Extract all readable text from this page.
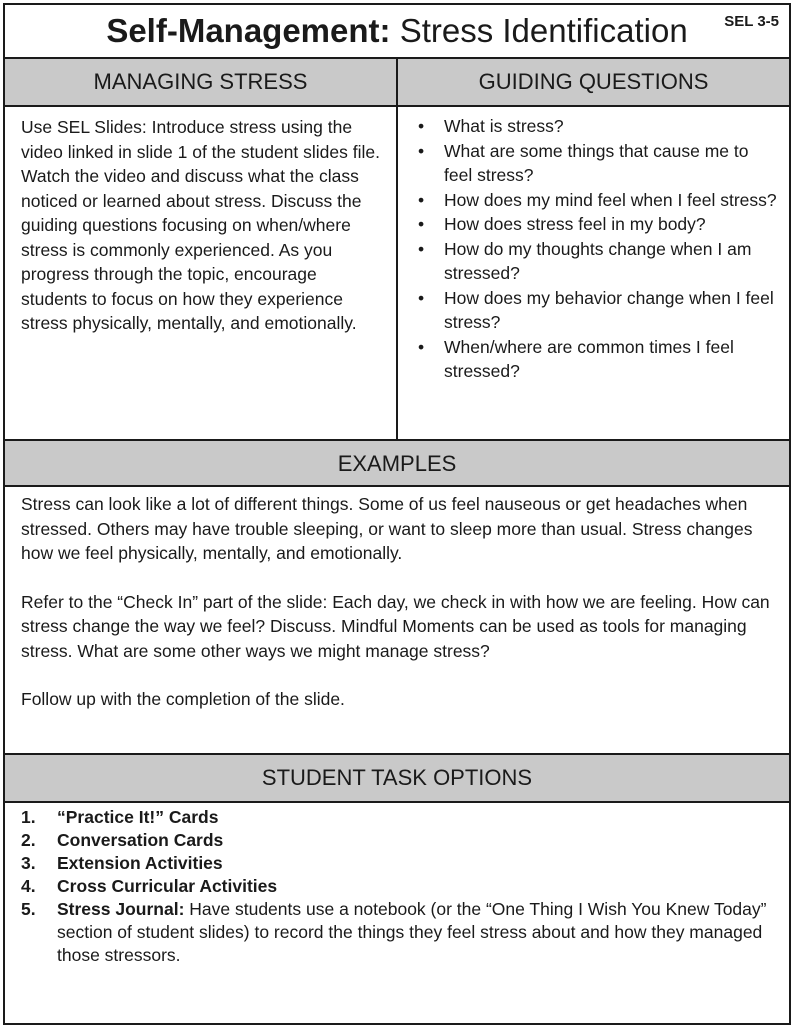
Self-Management: Stress Identification	SEL 3-5
MANAGING STRESS	GUIDING QUESTIONS

Use SEL Slides: Introduce stress using the video linked in slide 1 of the student slides file. Watch the video and discuss what the class noticed or learned about stress. Discuss the guiding questions focusing on when/where stress is commonly experienced. As you progress through the topic, encourage students to focus on how they experience stress physically, mentally, and emotionally.

• What is stress?
• What are some things that cause me to feel stress?
• How does my mind feel when I feel stress?
• How does stress feel in my body?
• How do my thoughts change when I am stressed?
• How does my behavior change when I feel stress?
• When/where are common times I feel stressed?
EXAMPLES

Stress can look like a lot of different things. Some of us feel nauseous or get headaches when stressed. Others may have trouble sleeping, or want to sleep more than usual. Stress changes how we feel physically, mentally, and emotionally.

Refer to the “Check In” part of the slide: Each day, we check in with how we are feeling. How can stress change the way we feel? Discuss. Mindful Moments can be used as tools for managing stress. What are some other ways we might manage stress?

Follow up with the completion of the slide.

STUDENT TASK OPTIONS
1. “Practice It!” Cards
2. Conversation Cards
3. Extension Activities
4. Cross Curricular Activities
5. Stress Journal: Have students use a notebook (or the “One Thing I Wish You Knew Today” section of student slides) to record the things they feel stress about and how they managed those stressors.
